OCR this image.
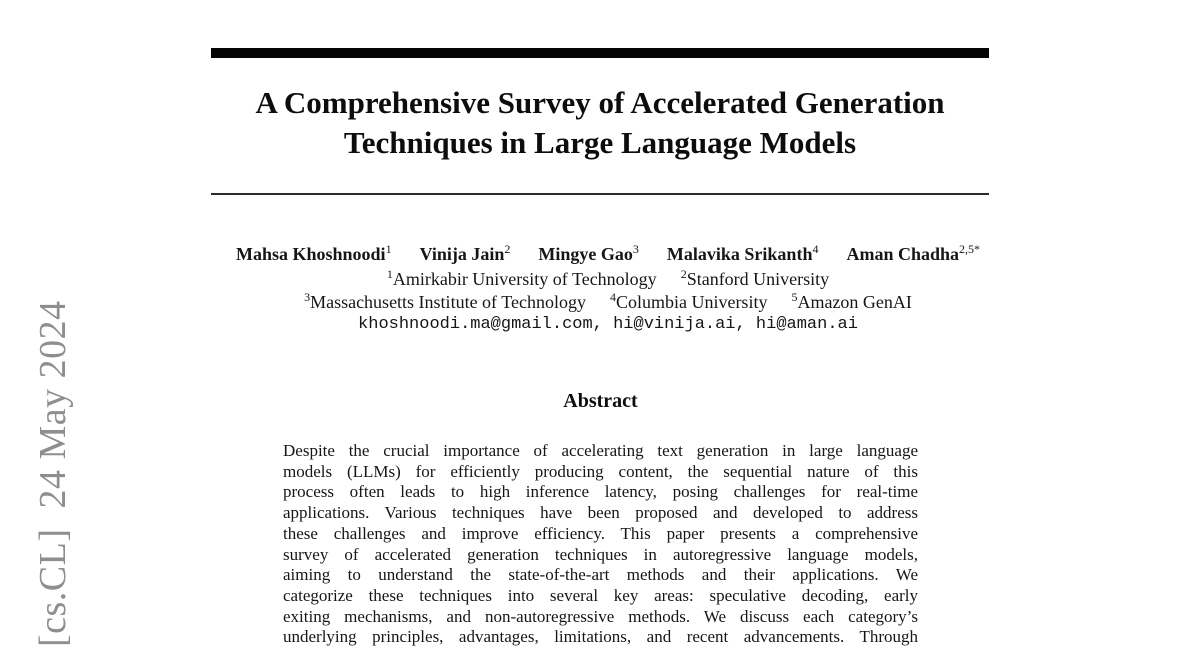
[cs.CL]  24 May 2024
A Comprehensive Survey of Accelerated Generation
Techniques in Large Language Models
Mahsa Khoshnoodi$^1$ Vinija Jain$^2$ Mingye Gao$^3$ Malavika Srikanth$^4$ Aman Chadha$^{2,5*}$
$^1$Amirkabir University of Technology $^2$Stanford University
$^3$Massachusetts Institute of Technology $^4$Columbia University $^5$Amazon GenAI
khoshnoodi.ma@gmail.com, hi@vinija.ai, hi@aman.ai
Abstract
Despite the crucial importance of accelerating text generation in large language
models (LLMs) for efficiently producing content, the sequential nature of this
process often leads to high inference latency, posing challenges for real-time
applications. Various techniques have been proposed and developed to address
these challenges and improve efficiency. This paper presents a comprehensive
survey of accelerated generation techniques in autoregressive language models,
aiming to understand the state-of-the-art methods and their applications. We
categorize these techniques into several key areas: speculative decoding, early
exiting mechanisms, and non-autoregressive methods. We discuss each category’s
underlying principles, advantages, limitations, and recent advancements. Through
